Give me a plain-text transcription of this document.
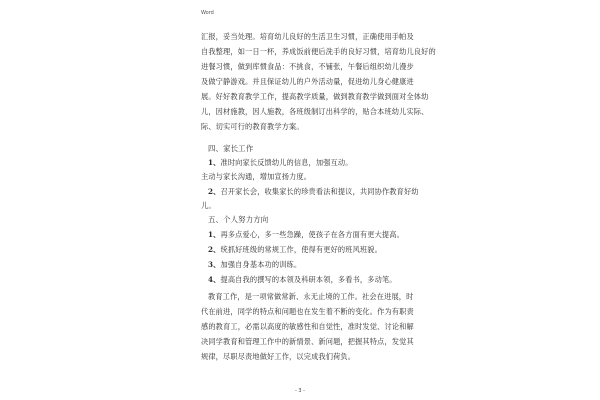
Word
汇报，妥当处理。培育幼儿良好的生活卫生习惯，正确使用手帕及
自我整理，如一日一杯，养成饭前便后洗手的良好习惯，培育幼儿良好的
进餐习惯，做到库惯食品：不挑食，不铺张，午餐后组织幼儿漫步
及做宁静游戏。并且保证幼儿的户外活动量，促进幼儿身心健康进
展。好好教育教学工作，提高教学质量，做到教育教学做到面对全体幼
儿，因材施教，因人施教，各班级制订出科学的，贴合本班幼儿实际、
际、切实可行的教育教学方案。
四、家长工作
1、准时向家长反馈幼儿的信息，加强互动。
主动与家长沟通，增加宣扬力度。
2、召开家长会，收集家长的珍贵看法和提议，共同协作教育好幼
儿。
五、个人努力方向
1、再多点爱心，多一些急躁，使孩子在各方面有更大提高。
2、统抓好班级的常规工作，使得有更好的班风班貌。
3、加强自身基本功的训练。
4、提高自我的撰写的本领及科研本领，多看书，多动笔。
教育工作，是一项常做常新、永无止境的工作。社会在进展，时
代在前进，同学的特点和问题也在发生着不断的变化。作为有职责
感的教育工，必需以高度的敏感性和自觉性，准时发觉、讨论和解
决同学教育和管理工作中的新情景、新问题，把握其特点，发觉其
规律，尽职尽责地做好工作，以完成我们荷负。
- 3 -
